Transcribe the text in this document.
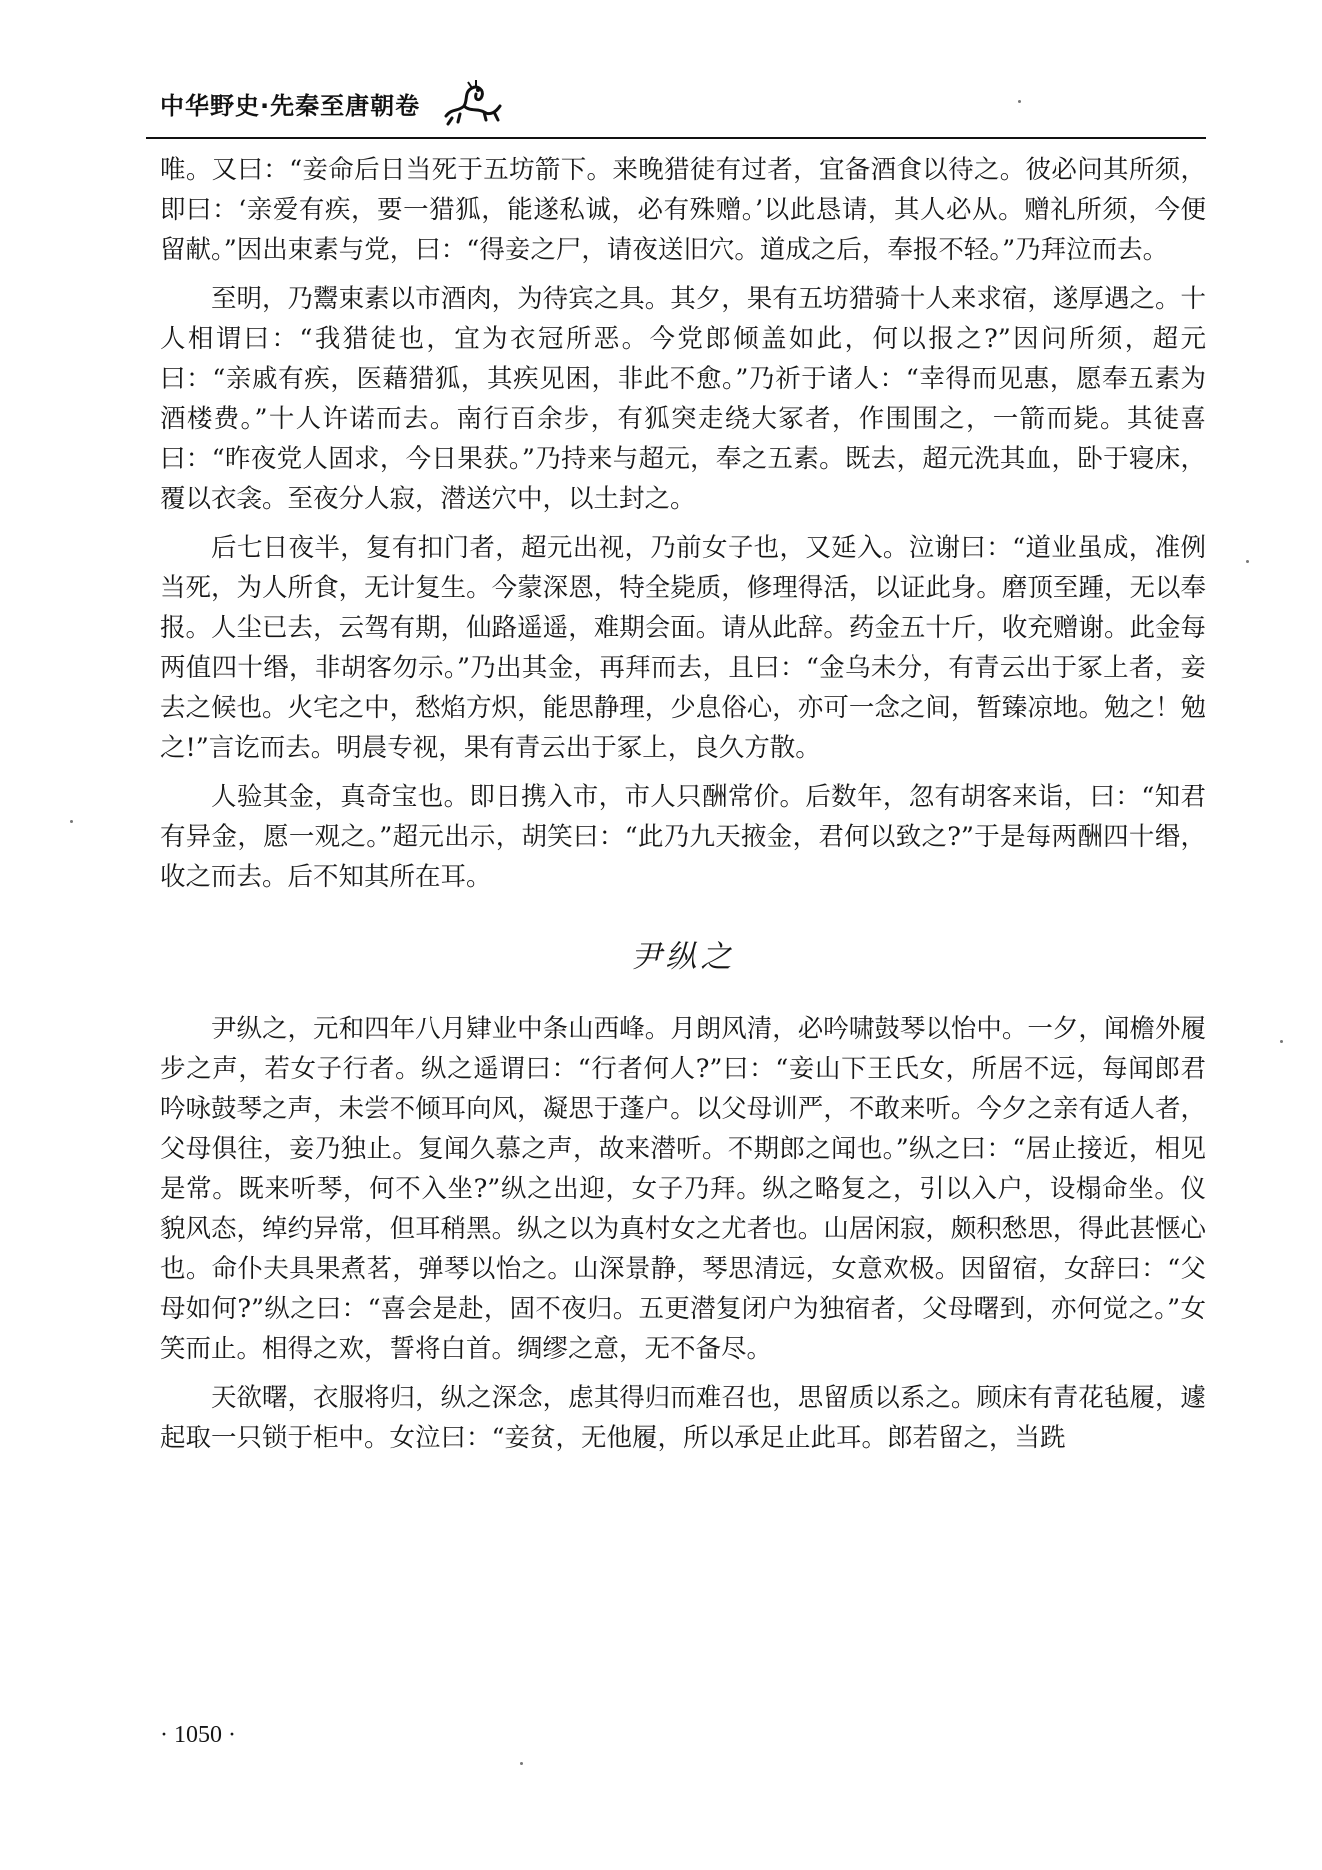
中华野史·先秦至唐朝卷

唯。又曰：“妾命后日当死于五坊箭下。来晚猎徒有过者，宜备酒食以待之。彼必问其所须，即曰：‘亲爱有疾，要一猎狐，能遂私诚，必有殊赠。’以此恳请，其人必从。赠礼所须，今便留献。”因出束素与党，曰：“得妾之尸，请夜送旧穴。道成之后，奉报不轻。”乃拜泣而去。

至明，乃鬻束素以市酒肉，为待宾之具。其夕，果有五坊猎骑十人来求宿，遂厚遇之。十人相谓曰：“我猎徒也，宜为衣冠所恶。今党郎倾盖如此，何以报之?”因问所须，超元曰：“亲戚有疾，医藉猎狐，其疾见困，非此不愈。”乃祈于诸人：“幸得而见惠，愿奉五素为酒楼费。”十人许诺而去。南行百余步，有狐突走绕大冢者，作围围之，一箭而毙。其徒喜曰：“昨夜党人固求，今日果获。”乃持来与超元，奉之五素。既去，超元洗其血，卧于寝床，覆以衣衾。至夜分人寂，潜送穴中，以土封之。

后七日夜半，复有扣门者，超元出视，乃前女子也，又延入。泣谢曰：“道业虽成，准例当死，为人所食，无计复生。今蒙深恩，特全毙质，修理得活，以证此身。磨顶至踵，无以奉报。人尘已去，云驾有期，仙路遥遥，难期会面。请从此辞。药金五十斤，收充赠谢。此金每两值四十缗，非胡客勿示。”乃出其金，再拜而去，且曰：“金乌未分，有青云出于冢上者，妾去之候也。火宅之中，愁焰方炽，能思静理，少息俗心，亦可一念之间，暂臻凉地。勉之！勉之!”言讫而去。明晨专视，果有青云出于冢上，良久方散。

人验其金，真奇宝也。即日携入市，市人只酬常价。后数年，忽有胡客来诣，曰：“知君有异金，愿一观之。”超元出示，胡笑曰：“此乃九天掖金，君何以致之?”于是每两酬四十缗，收之而去。后不知其所在耳。

尹纵之

尹纵之，元和四年八月肄业中条山西峰。月朗风清，必吟啸鼓琴以怡中。一夕，闻檐外履步之声，若女子行者。纵之遥谓曰：“行者何人?”曰：“妾山下王氏女，所居不远，每闻郎君吟咏鼓琴之声，未尝不倾耳向风，凝思于蓬户。以父母训严，不敢来听。今夕之亲有适人者，父母俱往，妾乃独止。复闻久慕之声，故来潜听。不期郎之闻也。”纵之曰：“居止接近，相见是常。既来听琴，何不入坐?”纵之出迎，女子乃拜。纵之略复之，引以入户，设榻命坐。仪貌风态，绰约异常，但耳稍黑。纵之以为真村女之尤者也。山居闲寂，颇积愁思，得此甚惬心也。命仆夫具果煮茗，弹琴以怡之。山深景静，琴思清远，女意欢极。因留宿，女辞曰：“父母如何?”纵之曰：“喜会是赴，固不夜归。五更潜复闭户为独宿者，父母曙到，亦何觉之。”女笑而止。相得之欢，誓将白首。绸缪之意，无不备尽。

天欲曙，衣服将归，纵之深念，虑其得归而难召也，思留质以系之。顾床有青花毡履，遽起取一只锁于柜中。女泣曰：“妾贫，无他履，所以承足止此耳。郎若留之，当跣

· 1050 ·
